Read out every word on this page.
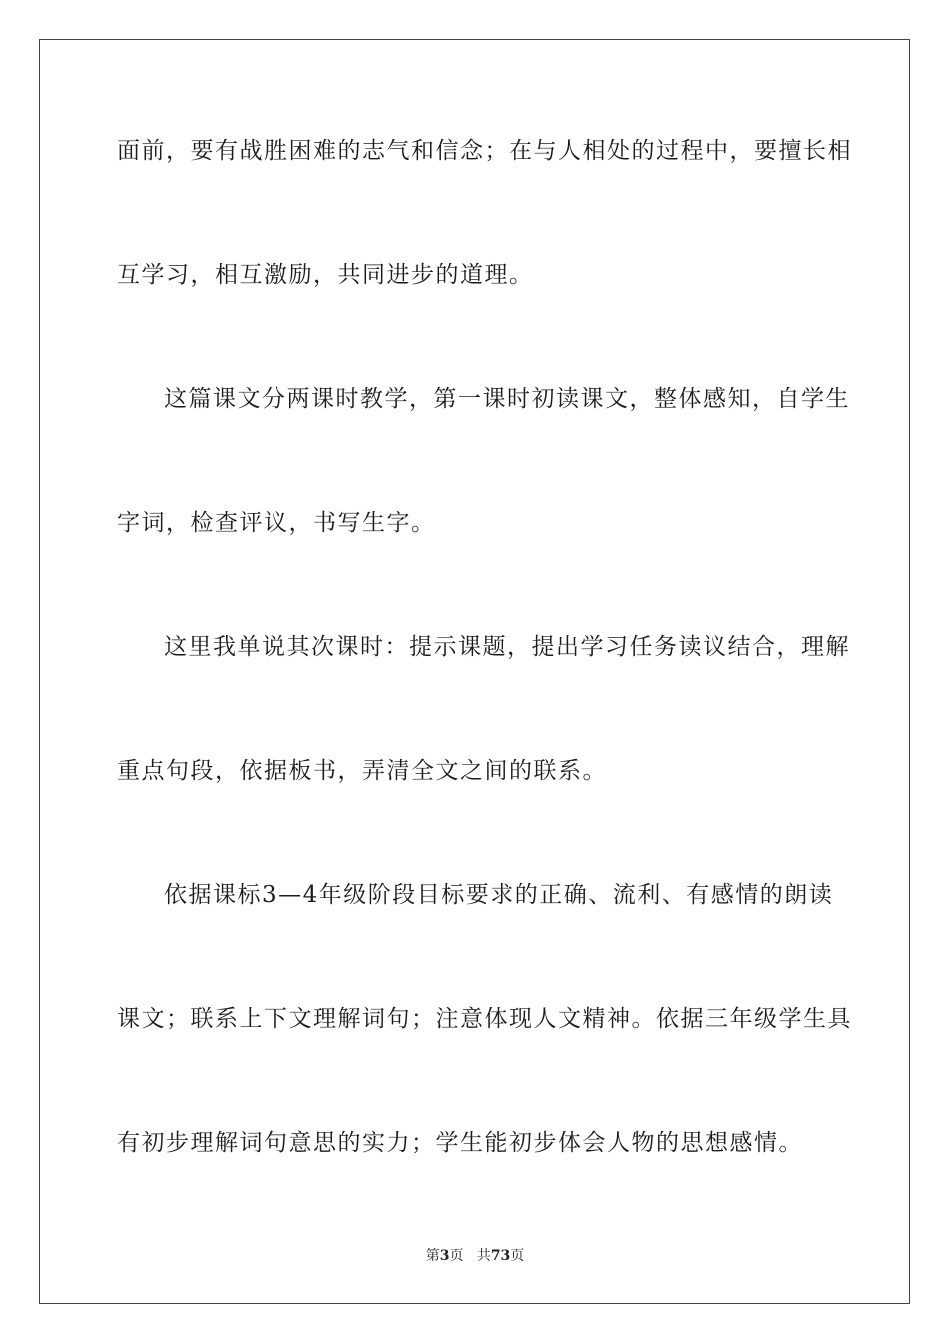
面前，要有战胜困难的志气和信念；在与人相处的过程中，要擅长相
互学习，相互激励，共同进步的道理。
这篇课文分两课时教学，第一课时初读课文，整体感知，自学生
字词，检查评议，书写生字。
这里我单说其次课时：提示课题，提出学习任务读议结合，理解
重点句段，依据板书，弄清全文之间的联系。
依据课标3—4年级阶段目标要求的正确、流利、有感情的朗读
课文；联系上下文理解词句；注意体现人文精神。依据三年级学生具
有初步理解词句意思的实力；学生能初步体会人物的思想感情。
第3页 共73页
